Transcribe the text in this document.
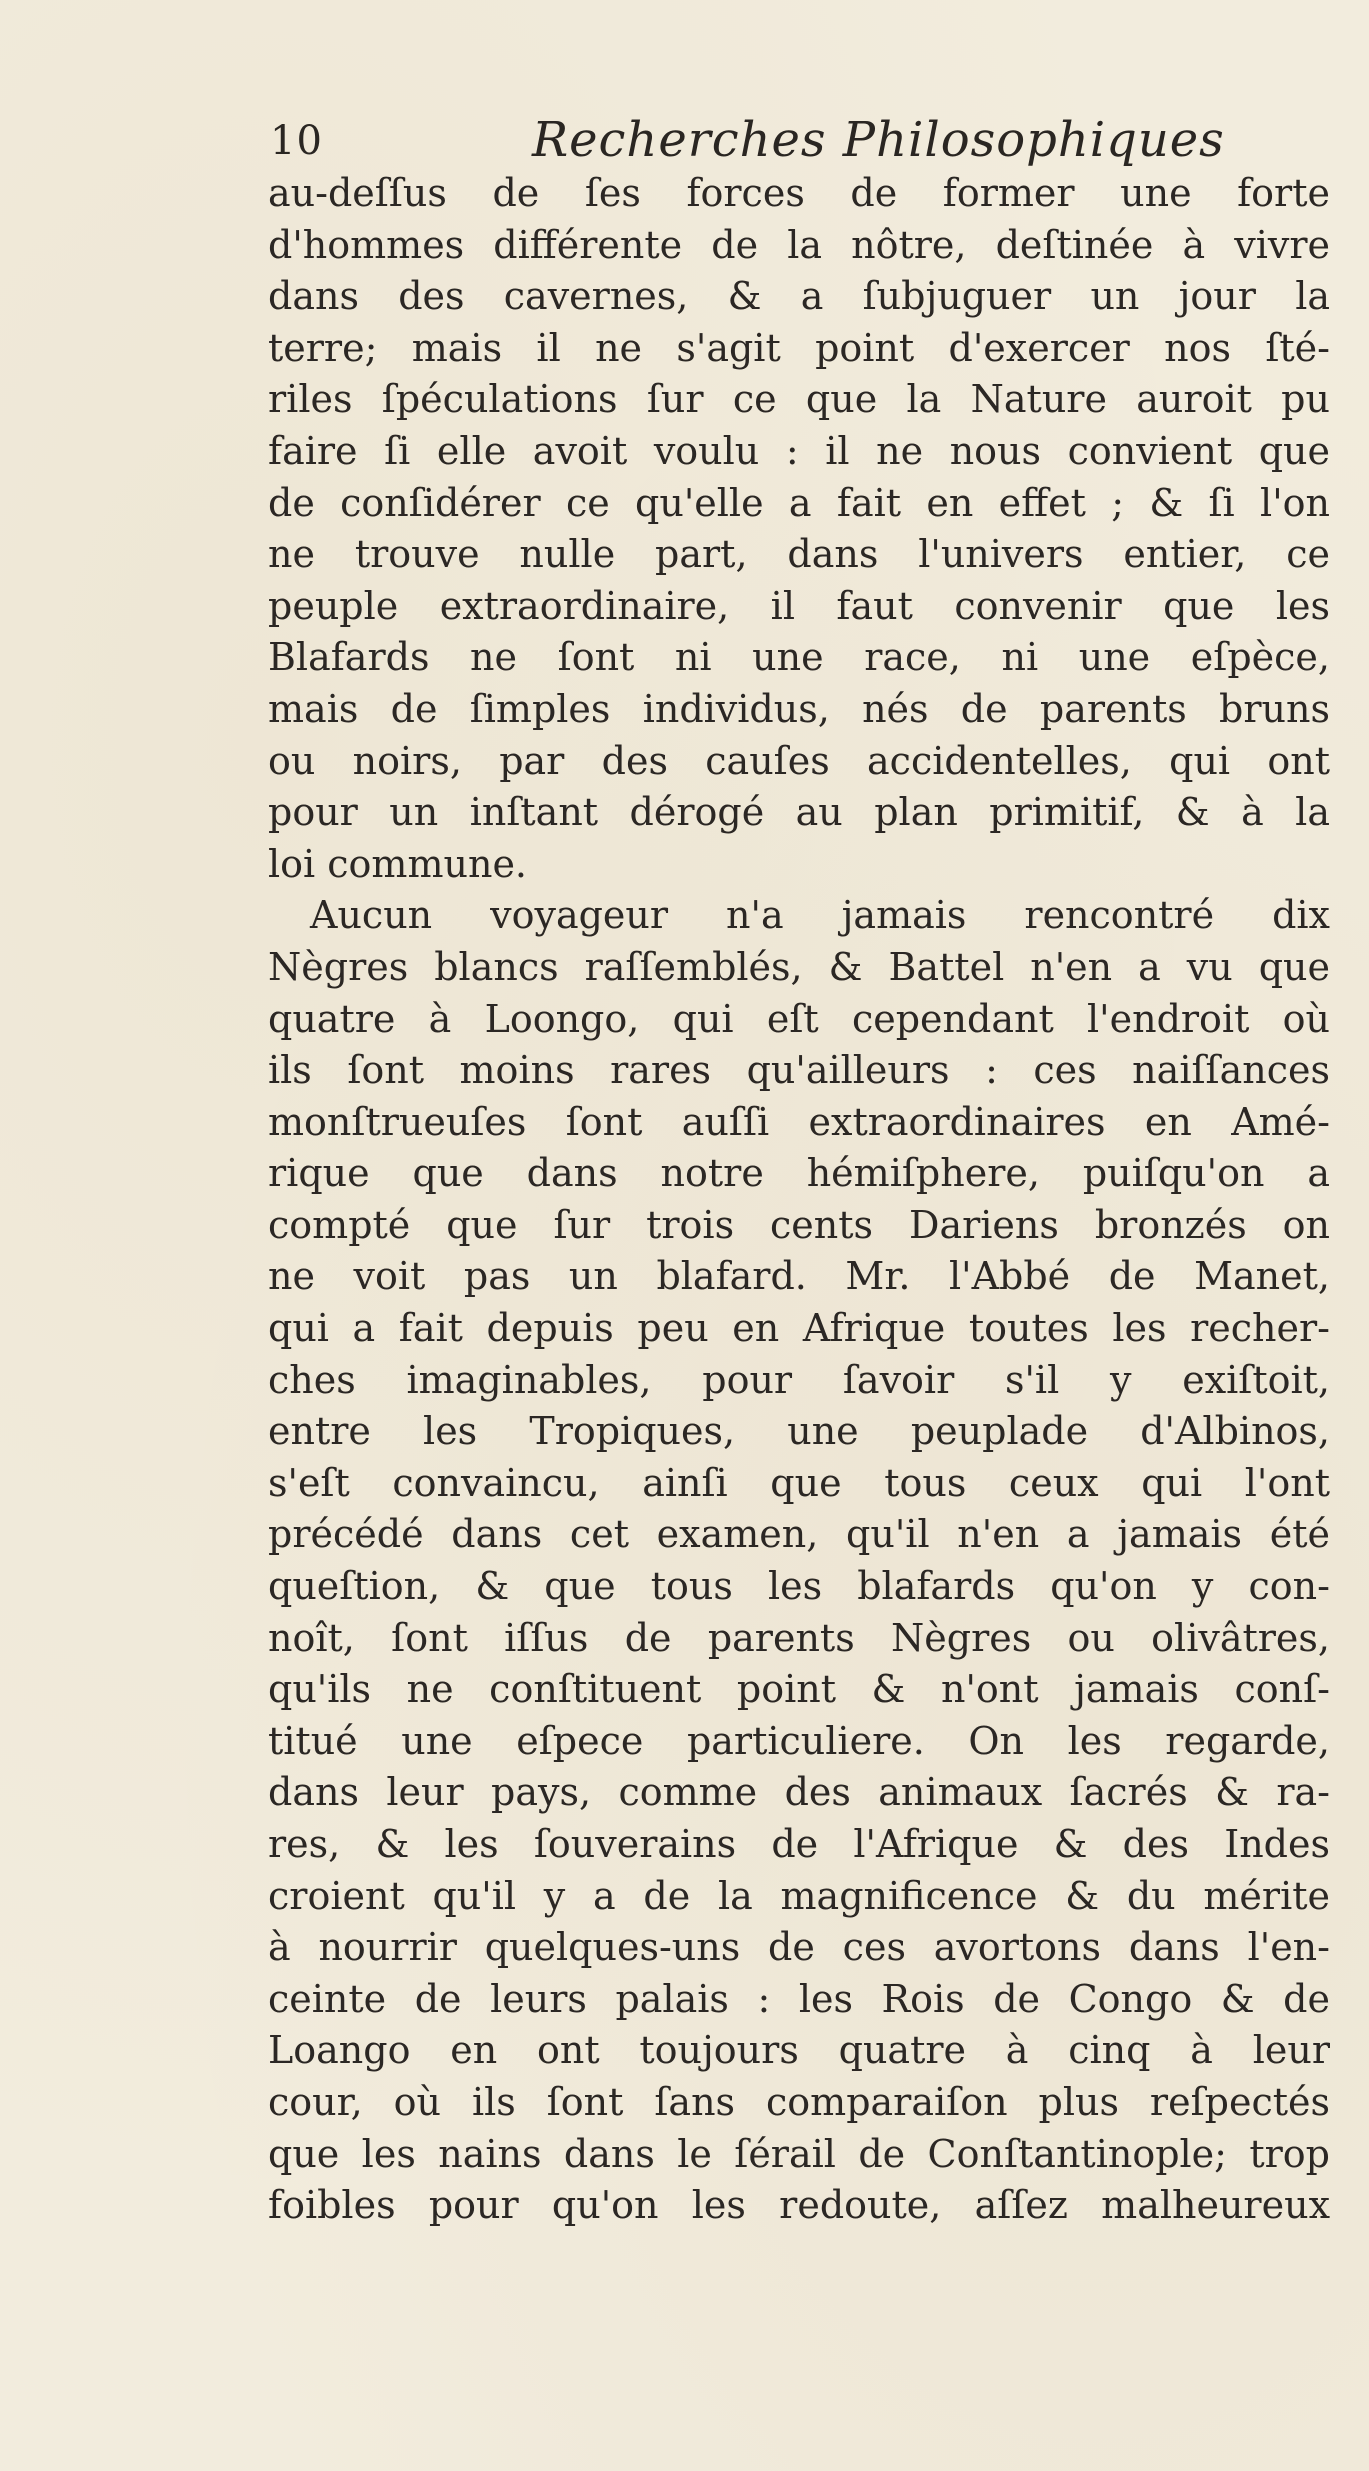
10	Recherches Philosophiques
au-deſſus de ſes forces de former une forte
d'hommes différente de la nôtre, deſtinée à vivre
dans des cavernes, & a ſubjuguer un jour la
terre; mais il ne s'agit point d'exercer nos ſté-
riles ſpéculations ſur ce que la Nature auroit pu
faire ſi elle avoit voulu : il ne nous convient que
de conſidérer ce qu'elle a fait en effet ; & ſi l'on
ne trouve nulle part, dans l'univers entier, ce
peuple extraordinaire, il faut convenir que les
Blafards ne ſont ni une race, ni une eſpèce,
mais de ſimples individus, nés de parents bruns
ou noirs, par des cauſes accidentelles, qui ont
pour un inſtant dérogé au plan primitif, & à la
loi commune.
Aucun voyageur n'a jamais rencontré dix
Nègres blancs raſſemblés, & Battel n'en a vu que
quatre à Loongo, qui eſt cependant l'endroit où
ils ſont moins rares qu'ailleurs : ces naiſſances
monſtrueuſes ſont auſſi extraordinaires en Amé-
rique que dans notre hémiſphere, puiſqu'on a
compté que ſur trois cents Dariens bronzés on
ne voit pas un blafard. Mr. l'Abbé de Manet,
qui a fait depuis peu en Afrique toutes les recher-
ches imaginables, pour ſavoir s'il y exiſtoit,
entre les Tropiques, une peuplade d'Albinos,
s'eſt convaincu, ainſi que tous ceux qui l'ont
précédé dans cet examen, qu'il n'en a jamais été
queſtion, & que tous les blafards qu'on y con-
noît, ſont iſſus de parents Nègres ou olivâtres,
qu'ils ne conſtituent point & n'ont jamais conſ-
titué une eſpece particuliere. On les regarde,
dans leur pays, comme des animaux ſacrés & ra-
res, & les ſouverains de l'Afrique & des Indes
croient qu'il y a de la magnificence & du mérite
à nourrir quelques-uns de ces avortons dans l'en-
ceinte de leurs palais : les Rois de Congo & de
Loango en ont toujours quatre à cinq à leur
cour, où ils ſont ſans comparaiſon plus reſpectés
que les nains dans le ſérail de Conſtantinople; trop
foibles pour qu'on les redoute, aſſez malheureux
